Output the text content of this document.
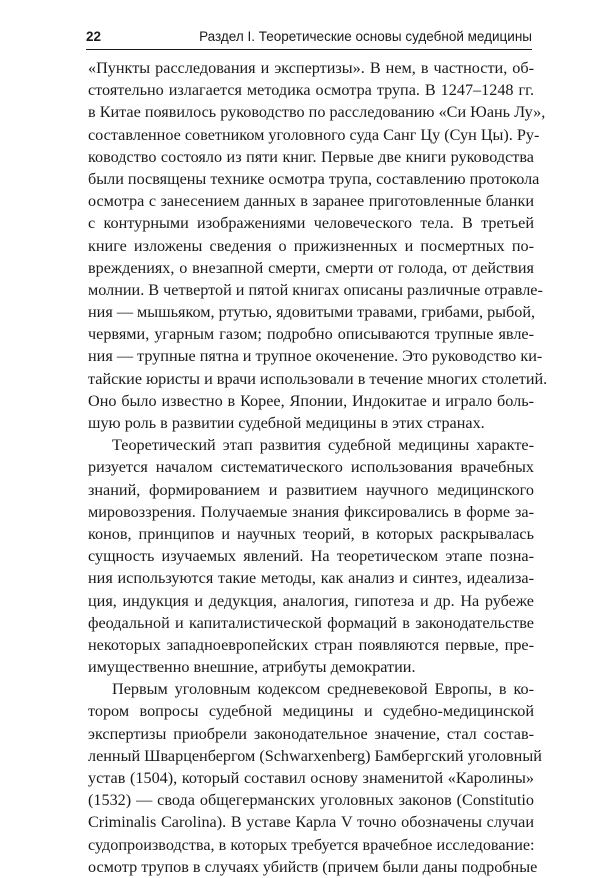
22	Раздел I. Теоретические основы судебной медицины
«Пункты расследования и экспертизы». В нем, в частности, об-
стоятельно излагается методика осмотра трупа. В 1247–1248 гг.
в Китае появилось руководство по расследованию «Си Юань Лу»,
составленное советником уголовного суда Санг Цу (Сун Цы). Ру-
ководство состояло из пяти книг. Первые две книги руководства
были посвящены технике осмотра трупа, составлению протокола
осмотра с занесением данных в заранее приготовленные бланки
с контурными изображениями человеческого тела. В третьей
книге изложены сведения о прижизненных и посмертных по-
вреждениях, о внезапной смерти, смерти от голода, от действия
молнии. В четвертой и пятой книгах описаны различные отравле-
ния — мышьяком, ртутью, ядовитыми травами, грибами, рыбой,
червями, угарным газом; подробно описываются трупные явле-
ния — трупные пятна и трупное окоченение. Это руководство ки-
тайские юристы и врачи использовали в течение многих столетий.
Оно было известно в Корее, Японии, Индокитае и играло боль-
шую роль в развитии судебной медицины в этих странах.
Теоретический этап развития судебной медицины характе-
ризуется началом систематического использования врачебных
знаний, формированием и развитием научного медицинского
мировоззрения. Получаемые знания фиксировались в форме за-
конов, принципов и научных теорий, в которых раскрывалась
сущность изучаемых явлений. На теоретическом этапе позна-
ния используются такие методы, как анализ и синтез, идеализа-
ция, индукция и дедукция, аналогия, гипотеза и др. На рубеже
феодальной и капиталистической формаций в законодательстве
некоторых западноевропейских стран появляются первые, пре-
имущественно внешние, атрибуты демократии.
Первым уголовным кодексом средневековой Европы, в ко-
тором вопросы судебной медицины и судебно-медицинской
экспертизы приобрели законодательное значение, стал состав-
ленный Шварценбергом (Schwarxenberg) Бамбергский уголовный
устав (1504), который составил основу знаменитой «Каролины»
(1532) — свода общегерманских уголовных законов (Constitutio
Criminalis Carolina). В уставе Карла V точно обозначены случаи
судопроизводства, в которых требуется врачебное исследование:
осмотр трупов в случаях убийств (причем были даны подробные
